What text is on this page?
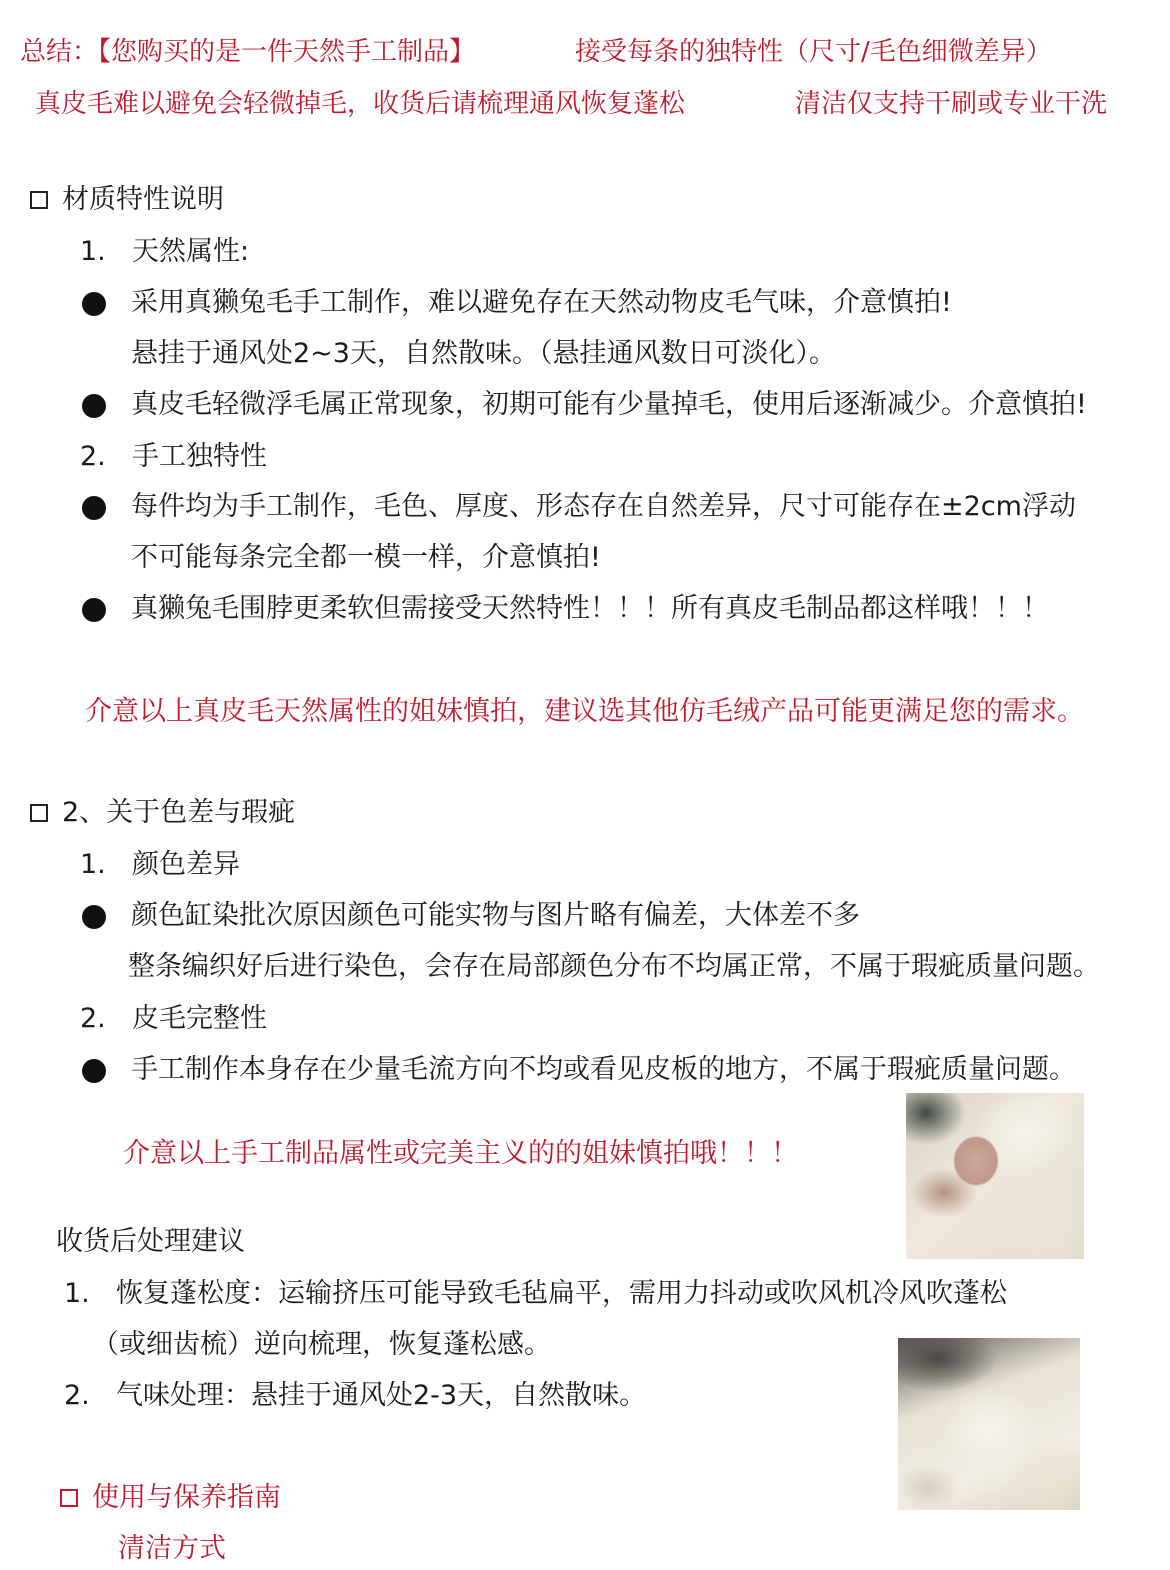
总结：【您购买的是一件天然手工制品】	接受每条的独特性（尺寸/毛色细微差异）
真皮毛难以避免会轻微掉毛，收货后请梳理通风恢复蓬松	清洁仅支持干刷或专业干洗
材质特性说明
1. 天然属性:
采用真獭兔毛手工制作，难以避免存在天然动物皮毛气味，介意慎拍!
悬挂于通风处2~3天，自然散味。（悬挂通风数日可淡化）。
真皮毛轻微浮毛属正常现象，初期可能有少量掉毛，使用后逐渐减少。介意慎拍!
2. 手工独特性
每件均为手工制作，毛色、厚度、形态存在自然差异，尺寸可能存在±2cm浮动
不可能每条完全都一模一样，介意慎拍!
真獭兔毛围脖更柔软但需接受天然特性！！！所有真皮毛制品都这样哦！！！
介意以上真皮毛天然属性的姐妹慎拍，建议选其他仿毛绒产品可能更满足您的需求。
2、关于色差与瑕疵
1. 颜色差异
颜色缸染批次原因颜色可能实物与图片略有偏差，大体差不多
整条编织好后进行染色，会存在局部颜色分布不均属正常，不属于瑕疵质量问题。
2. 皮毛完整性
手工制作本身存在少量毛流方向不均或看见皮板的地方，不属于瑕疵质量问题。
介意以上手工制品属性或完美主义的的姐妹慎拍哦！！！
收货后处理建议
1. 恢复蓬松度：运输挤压可能导致毛毡扁平，需用力抖动或吹风机冷风吹蓬松
（或细齿梳）逆向梳理，恢复蓬松感。
2. 气味处理：悬挂于通风处2-3天，自然散味。
使用与保养指南
清洁方式
